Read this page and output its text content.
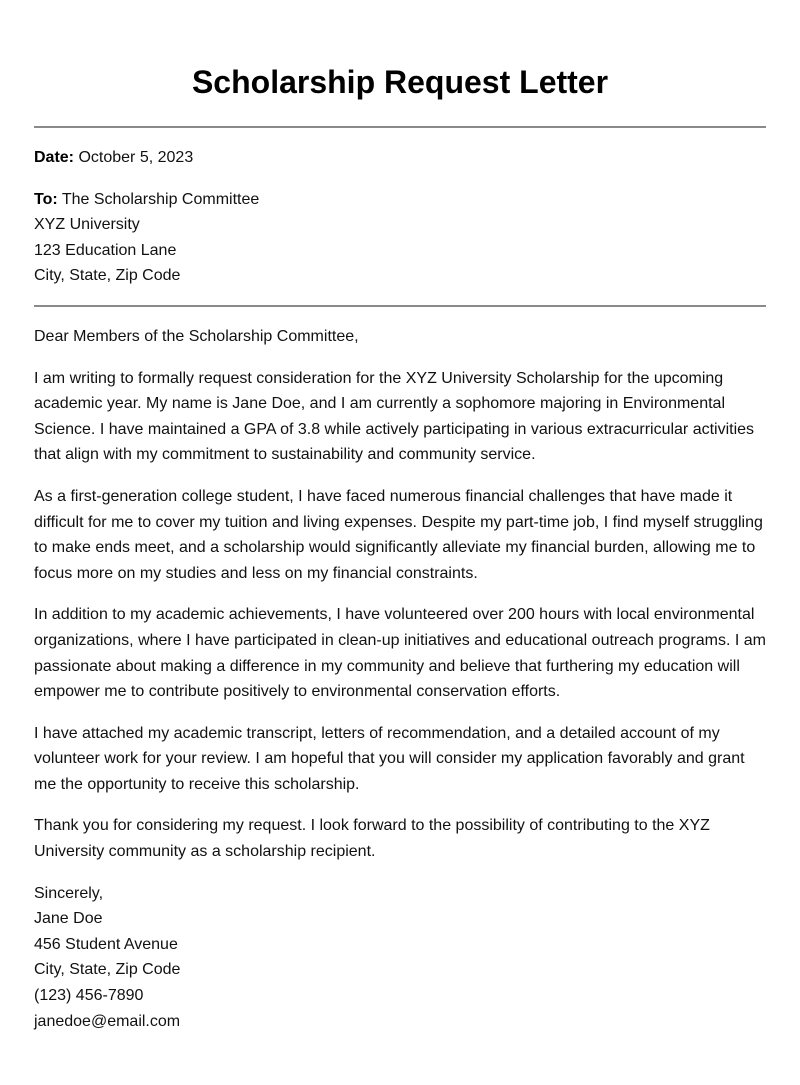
Scholarship Request Letter

Date: October 5, 2023

To: The Scholarship Committee
XYZ University
123 Education Lane
City, State, Zip Code

Dear Members of the Scholarship Committee,

I am writing to formally request consideration for the XYZ University Scholarship for the upcoming academic year. My name is Jane Doe, and I am currently a sophomore majoring in Environmental Science. I have maintained a GPA of 3.8 while actively participating in various extracurricular activities that align with my commitment to sustainability and community service.

As a first-generation college student, I have faced numerous financial challenges that have made it difficult for me to cover my tuition and living expenses. Despite my part-time job, I find myself struggling to make ends meet, and a scholarship would significantly alleviate my financial burden, allowing me to focus more on my studies and less on my financial constraints.

In addition to my academic achievements, I have volunteered over 200 hours with local environmental organizations, where I have participated in clean-up initiatives and educational outreach programs. I am passionate about making a difference in my community and believe that furthering my education will empower me to contribute positively to environmental conservation efforts.

I have attached my academic transcript, letters of recommendation, and a detailed account of my volunteer work for your review. I am hopeful that you will consider my application favorably and grant me the opportunity to receive this scholarship.

Thank you for considering my request. I look forward to the possibility of contributing to the XYZ University community as a scholarship recipient.

Sincerely,
Jane Doe
456 Student Avenue
City, State, Zip Code
(123) 456-7890
janedoe@email.com
